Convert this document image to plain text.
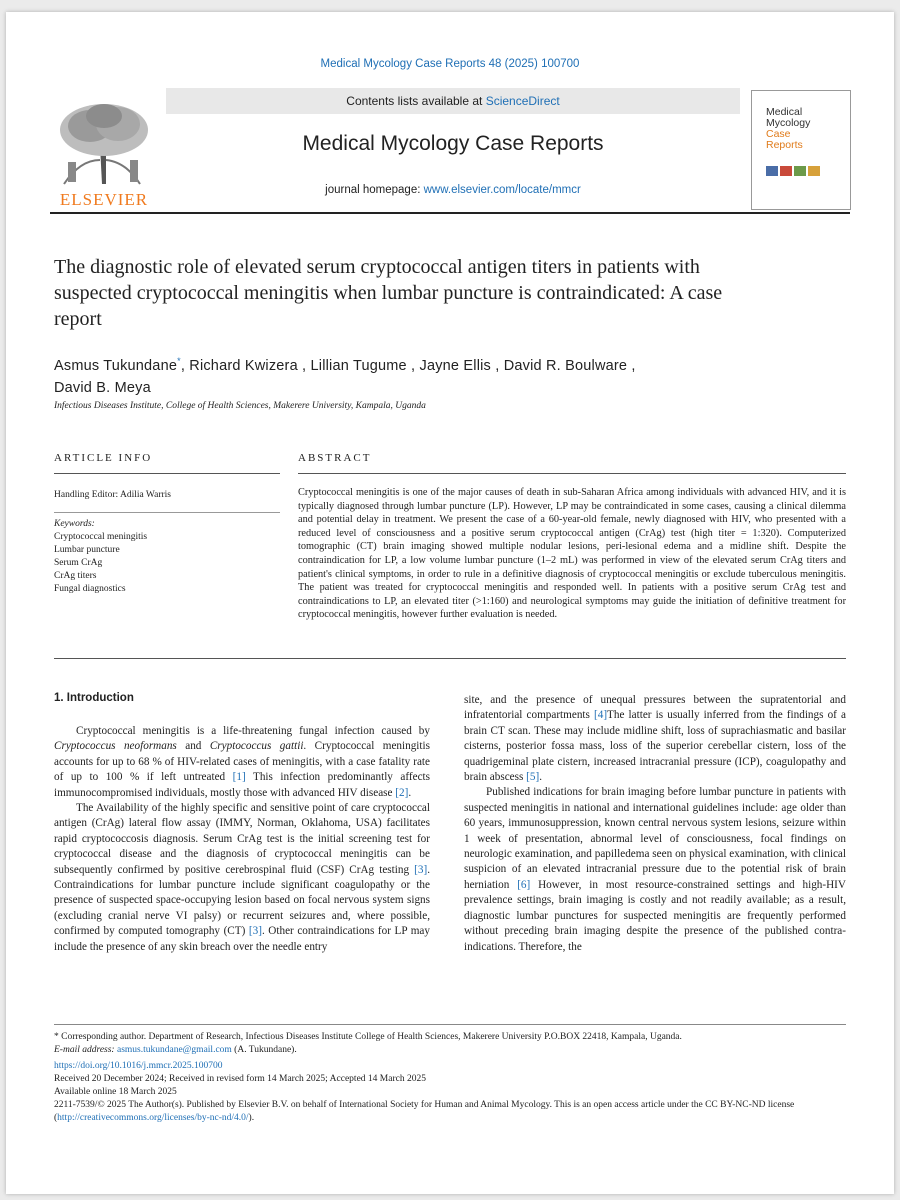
Medical Mycology Case Reports 48 (2025) 100700
ELSEVIER
Contents lists available at ScienceDirect
Medical Mycology Case Reports
journal homepage: www.elsevier.com/locate/mmcr
Medical
Mycology
Case
Reports
The diagnostic role of elevated serum cryptococcal antigen titers in patients with suspected cryptococcal meningitis when lumbar puncture is contraindicated: A case report
Asmus Tukundane*, Richard Kwizera , Lillian Tugume , Jayne Ellis , David R. Boulware ,
David B. Meya
Infectious Diseases Institute, College of Health Sciences, Makerere University, Kampala, Uganda
ARTICLE INFO	ABSTRACT
Handling Editor: Adilia Warris
Keywords:
Cryptococcal meningitis
Lumbar puncture
Serum CrAg
CrAg titers
Fungal diagnostics
Cryptococcal meningitis is one of the major causes of death in sub-Saharan Africa among individuals with advanced HIV, and it is typically diagnosed through lumbar puncture (LP). However, LP may be contraindicated in some cases, causing a clinical dilemma and potential delay in treatment. We present the case of a 60-year-old female, newly diagnosed with HIV, who presented with a reduced level of consciousness and a positive serum cryptococcal antigen (CrAg) test (high titer = 1:320). Computerized tomographic (CT) brain imaging showed multiple nodular lesions, peri-lesional edema and a midline shift. Despite the contraindication for LP, a low volume lumbar puncture (1–2 mL) was performed in view of the elevated serum CrAg titers and patient's clinical symptoms, in order to rule in a definitive diagnosis of cryptococcal meningitis or exclude tuberculous meningitis. The patient was treated for cryptococcal meningitis and responded well. In patients with a positive serum CrAg test and contraindications to LP, an elevated titer (>1:160) and neurological symptoms may guide the initiation of definitive treatment for cryptococcal meningitis, however further evaluation is needed.
1. Introduction

Cryptococcal meningitis is a life-threatening fungal infection caused by Cryptococcus neoformans and Cryptococcus gattii. Cryptococcal meningitis accounts for up to 68 % of HIV-related cases of meningitis, with a case fatality rate of up to 100 % if left untreated [1] This infection predominantly affects immunocompromised individuals, mostly those with advanced HIV disease [2].

The Availability of the highly specific and sensitive point of care cryptococcal antigen (CrAg) lateral flow assay (IMMY, Norman, Oklahoma, USA) facilitates rapid cryptococcosis diagnosis. Serum CrAg test is the initial screening test for cryptococcal disease and the diagnosis of cryptococcal meningitis can be subsequently confirmed by positive cerebrospinal fluid (CSF) CrAg testing [3]. Contraindications for lumbar puncture include significant coagulopathy or the presence of suspected space-occupying lesion based on focal nervous system signs (excluding cranial nerve VI palsy) or recurrent seizures and, where possible, confirmed by computed tomography (CT) [3]. Other contraindications for LP may include the presence of any skin breach over the needle entry

site, and the presence of unequal pressures between the supratentorial and infratentorial compartments [4]The latter is usually inferred from the findings of a brain CT scan. These may include midline shift, loss of suprachiasmatic and basilar cisterns, posterior fossa mass, loss of the superior cerebellar cistern, loss of the quadrigeminal plate cistern, increased intracranial pressure (ICP), coagulopathy and brain abscess [5].

Published indications for brain imaging before lumbar puncture in patients with suspected meningitis in national and international guidelines include: age older than 60 years, immunosuppression, known central nervous system lesions, seizure within 1 week of presentation, abnormal level of consciousness, focal findings on neurologic examination, and papilledema seen on physical examination, with clinical suspicion of an elevated intracranial pressure due to the potential risk of brain herniation [6] However, in most resource-constrained settings and high-HIV prevalence settings, brain imaging is costly and not readily available; as a result, diagnostic lumbar punctures for suspected meningitis are frequently performed without preceding brain imaging despite the presence of the published contra-indications. Therefore, the

* Corresponding author. Department of Research, Infectious Diseases Institute College of Health Sciences, Makerere University P.O.BOX 22418, Kampala, Uganda.
E-mail address: asmus.tukundane@gmail.com (A. Tukundane).
https://doi.org/10.1016/j.mmcr.2025.100700
Received 20 December 2024; Received in revised form 14 March 2025; Accepted 14 March 2025
Available online 18 March 2025
2211-7539/© 2025 The Author(s). Published by Elsevier B.V. on behalf of International Society for Human and Animal Mycology. This is an open access article under the CC BY-NC-ND license (http://creativecommons.org/licenses/by-nc-nd/4.0/).
